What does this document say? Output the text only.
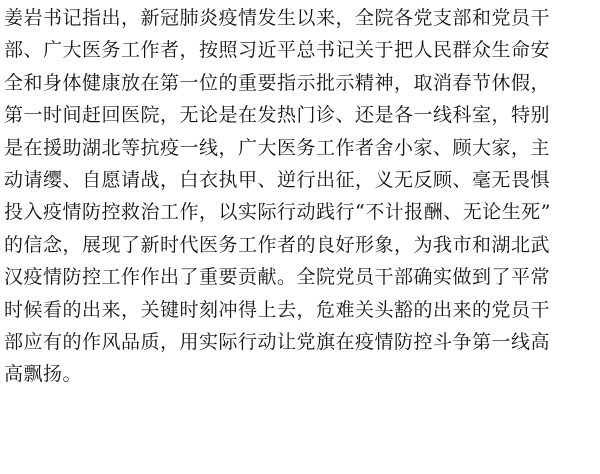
姜岩书记指出，新冠肺炎疫情发生以来，全院各党支部和党员干
部、广大医务工作者，按照习近平总书记关于把人民群众生命安
全和身体健康放在第一位的重要指示批示精神，取消春节休假，
第一时间赶回医院，无论是在发热门诊、还是各一线科室，特别
是在援助湖北等抗疫一线，广大医务工作者舍小家、顾大家，主
动请缨、自愿请战，白衣执甲、逆行出征，义无反顾、毫无畏惧
投入疫情防控救治工作，以实际行动践行“不计报酬、无论生死”
的信念，展现了新时代医务工作者的良好形象，为我市和湖北武
汉疫情防控工作作出了重要贡献。全院党员干部确实做到了平常
时候看的出来，关键时刻冲得上去，危难关头豁的出来的党员干
部应有的作风品质，用实际行动让党旗在疫情防控斗争第一线高
高飘扬。
